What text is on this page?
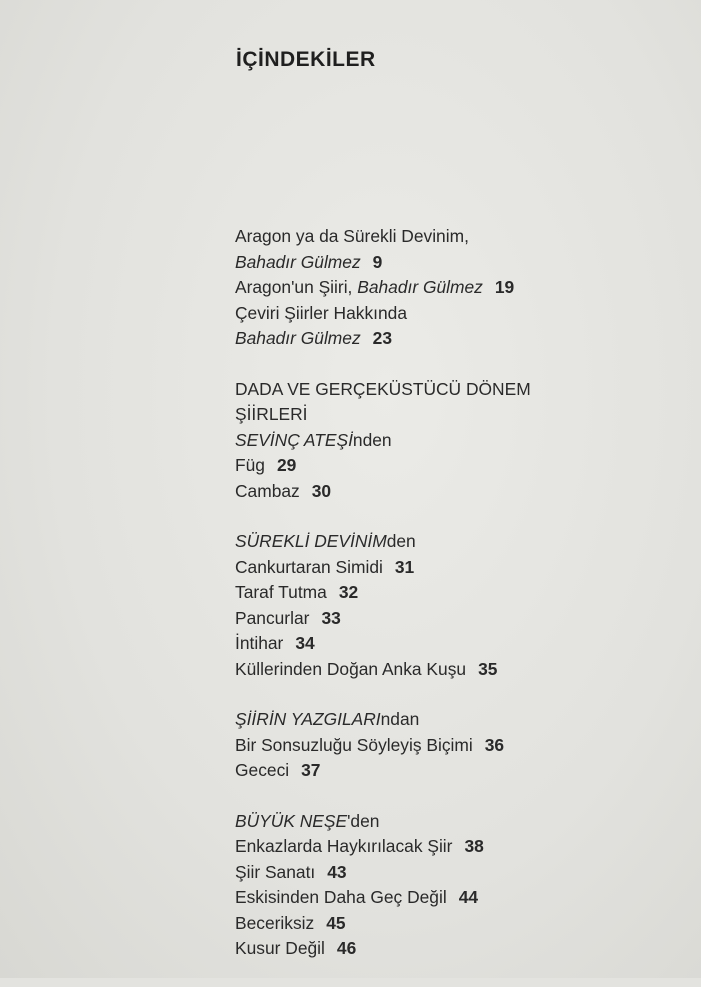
İÇİNDEKİLER
Aragon ya da Sürekli Devinim,
Bahadır Gülmez 9
Aragon'un Şiiri, Bahadır Gülmez 19
Çeviri Şiirler Hakkında
Bahadır Gülmez 23
DADA VE GERÇEKÜSTÜCÜ DÖNEM
ŞİİRLERİ
SEVİNÇ ATEŞİnden
Füg 29
Cambaz 30
SÜREKLİ DEVİNİMden
Cankurtaran Simidi 31
Taraf Tutma 32
Pancurlar 33
İntihar 34
Küllerinden Doğan Anka Kuşu 35
ŞİİRİN YAZGILARIndan
Bir Sonsuzluğu Söyleyiş Biçimi 36
Gececi 37
BÜYÜK NEŞE'den
Enkazlarda Haykırılacak Şiir 38
Şiir Sanatı 43
Eskisinden Daha Geç Değil 44
Beceriksiz 45
Kusur Değil 46
